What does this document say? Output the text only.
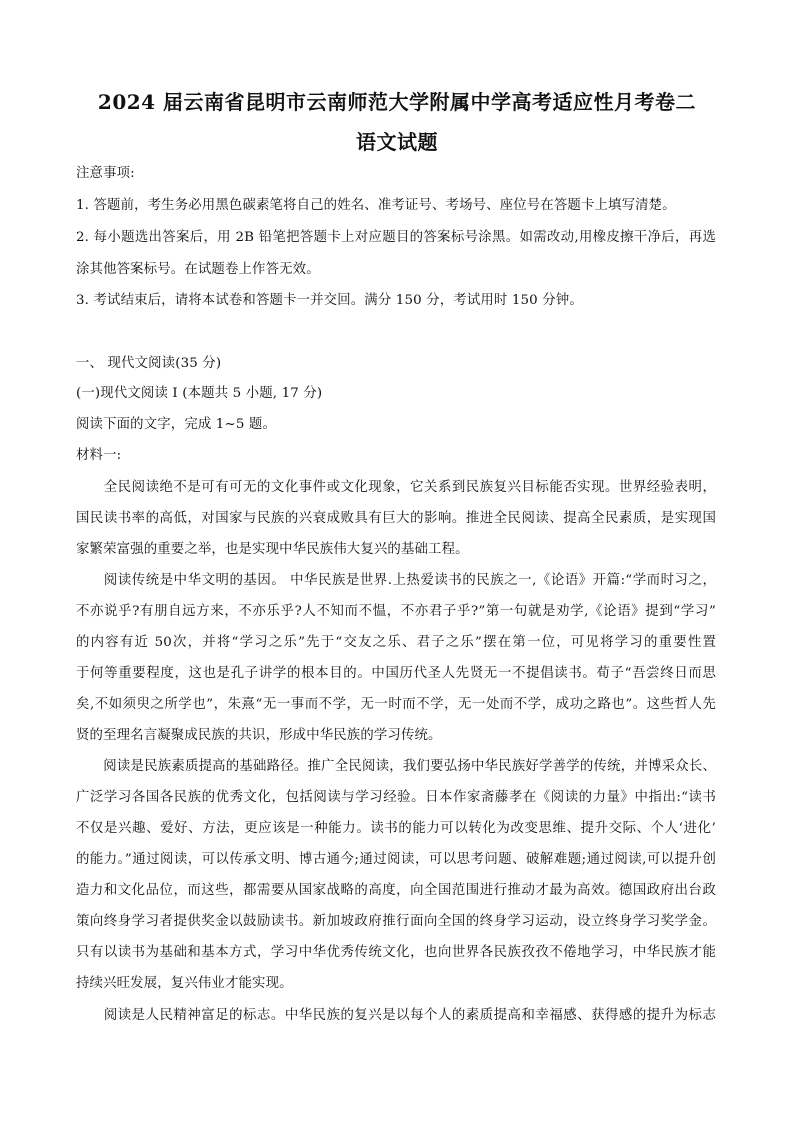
2024 届云南省昆明市云南师范大学附属中学高考适应性月考卷二
语文试题
注意事项:
1. 答题前，考生务必用黑色碳素笔将自己的姓名、准考证号、考场号、座位号在答题卡上填写清楚。
2. 每小题选出答案后，用 2B 铅笔把答题卡上对应题目的答案标号涂黑。如需改动,用橡皮擦干净后，再选
涂其他答案标号。在试题卷上作答无效。
3. 考试结束后，请将本试卷和答题卡一并交回。满分 150 分，考试用时 150 分钟。
一、 现代文阅读(35 分)
(一)现代文阅读 I (本题共 5 小题, 17 分)
阅读下面的文字，完成 1~5 题。
材料一:
　　全民阅读绝不是可有可无的文化事件或文化现象，它关系到民族复兴目标能否实现。世界经验表明，
国民读书率的高低，对国家与民族的兴衰成败具有巨大的影响。推进全民阅读、提高全民素质，是实现国
家繁荣富强的重要之举，也是实现中华民族伟大复兴的基础工程。
　　阅读传统是中华文明的基因。 中华民族是世界.上热爱读书的民族之一,《论语》开篇:“学而时习之，
不亦说乎?有朋自远方来，不亦乐乎?人不知而不愠，不亦君子乎?”第一句就是劝学,《论语》提到“学习”
的内容有近 50次，并将“学习之乐”先于“交友之乐、君子之乐”摆在第一位，可见将学习的重要性置
于何等重要程度，这也是孔子讲学的根本目的。中国历代圣人先贤无一不提倡读书。荀子“吾尝终日而思
矣,不如须臾之所学也”，朱熹“无一事而不学，无一时而不学，无一处而不学，成功之路也”。这些哲人先
贤的至理名言凝聚成民族的共识，形成中华民族的学习传统。
　　阅读是民族素质提高的基础路径。推广全民阅读，我们要弘扬中华民族好学善学的传统，并博采众长、
广泛学习各国各民族的优秀文化，包括阅读与学习经验。日本作家斋藤孝在《阅读的力量》中指出:“读书
不仅是兴趣、爱好、方法，更应该是一种能力。读书的能力可以转化为改变思维、提升交际、个人‘进化’
的能力。”通过阅读，可以传承文明、博古通今;通过阅读，可以思考问题、破解难题;通过阅读,可以提升创
造力和文化品位，而这些，都需要从国家战略的高度，向全国范围进行推动才最为高效。德国政府出台政
策向终身学习者提供奖金以鼓励读书。新加坡政府推行面向全国的终身学习运动，设立终身学习奖学金。
只有以读书为基础和基本方式，学习中华优秀传统文化，也向世界各民族孜孜不倦地学习，中华民族才能
持续兴旺发展，复兴伟业才能实现。
　　阅读是人民精神富足的标志。中华民族的复兴是以每个人的素质提高和幸福感、获得感的提升为标志
